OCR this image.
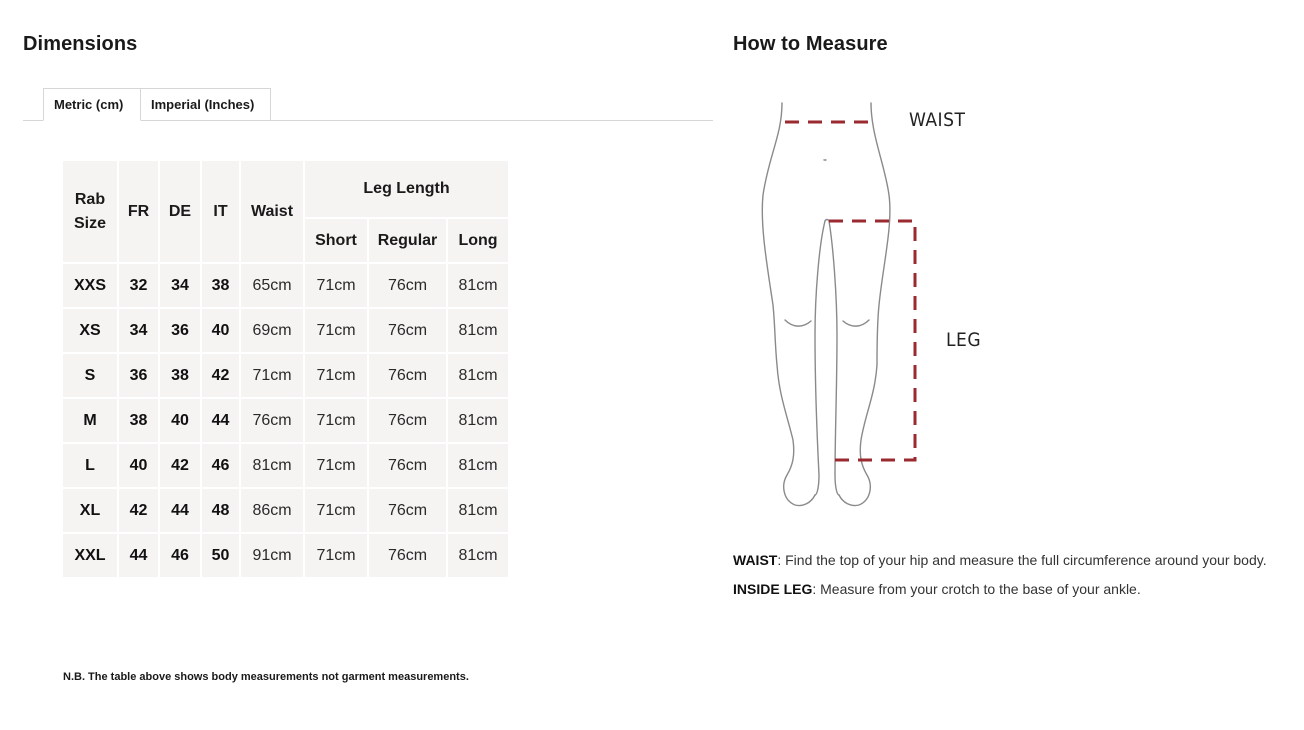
Dimensions
Metric (cm)	Imperial (Inches)
Rab Size	FR	DE	IT	Waist	Leg Length		
					Short	Regular	Long
XXS	32	34	38	65cm	71cm	76cm	81cm
XS	34	36	40	69cm	71cm	76cm	81cm
S	36	38	42	71cm	71cm	76cm	81cm
M	38	40	44	76cm	71cm	76cm	81cm
L	40	42	46	81cm	71cm	76cm	81cm
XL	42	44	48	86cm	71cm	76cm	81cm
XXL	44	46	50	91cm	71cm	76cm	81cm
N.B. The table above shows body measurements not garment measurements.
How to Measure
WAIST
LEG
WAIST: Find the top of your hip and measure the full circumference around your body.
INSIDE LEG: Measure from your crotch to the base of your ankle.
